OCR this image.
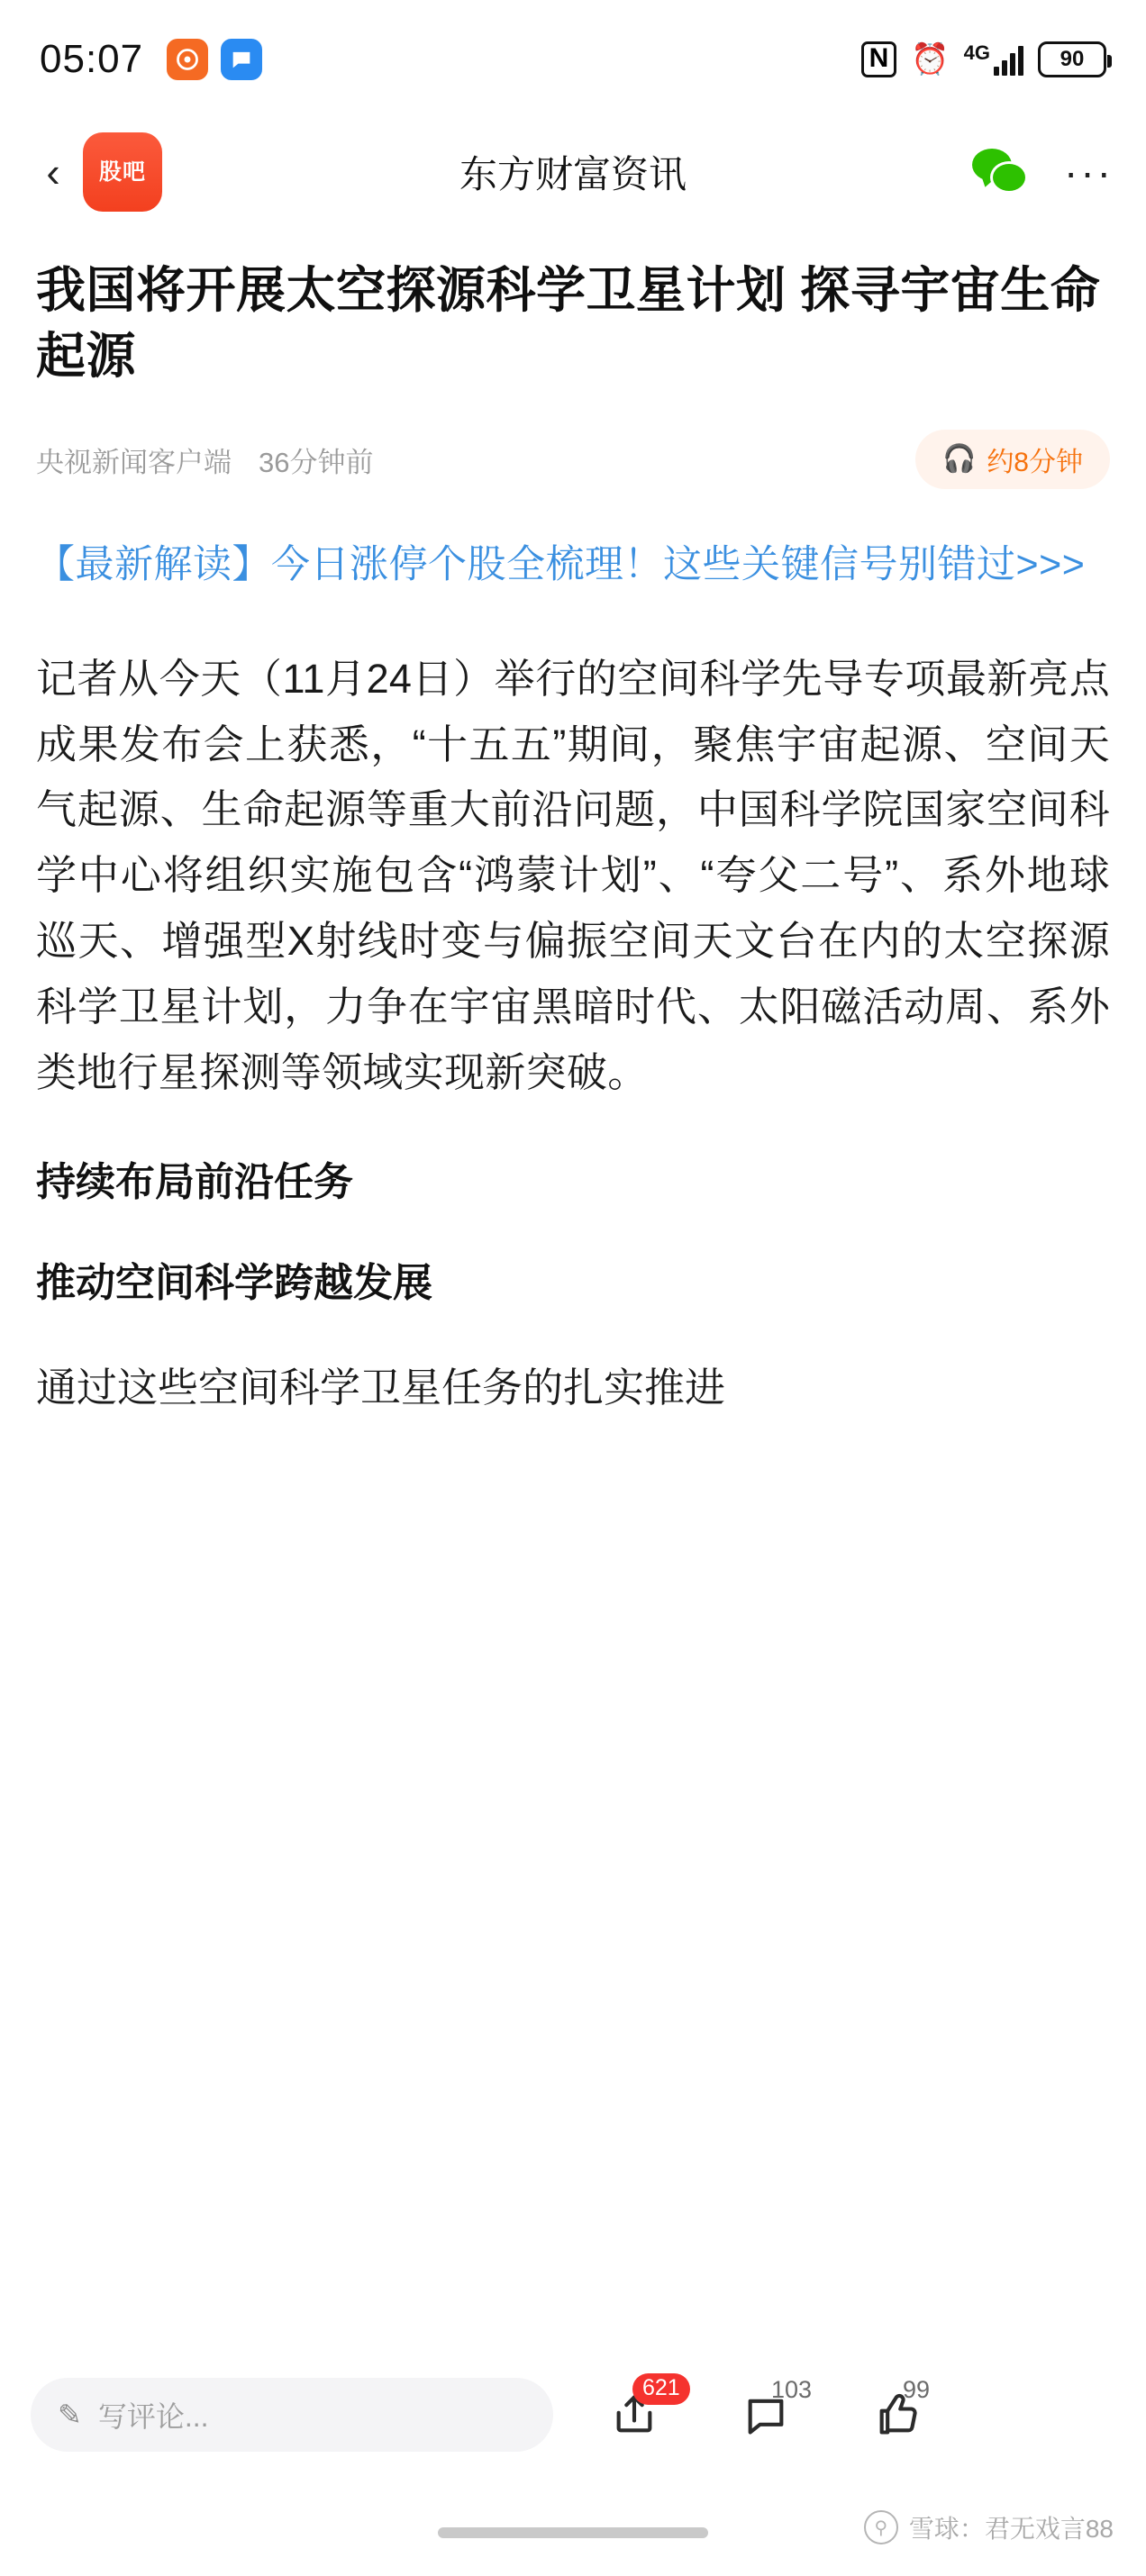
05:07	N ⏰ 4G	90
‹	股吧	东方财富资讯	···
我国将开展太空探源科学卫星计划 探寻宇宙生命起源
央视新闻客户端 36分钟前	🎧 约8分钟
【最新解读】今日涨停个股全梳理！这些关键信号别错过>>>

记者从今天（11月24日）举行的空间科学先导专项最新亮点成果发布会上获悉，“十五五”期间，聚焦宇宙起源、空间天气起源、生命起源等重大前沿问题，中国科学院国家空间科学中心将组织实施包含“鸿蒙计划”、“夸父二号”、系外地球巡天、增强型X射线时变与偏振空间天文台在内的太空探源科学卫星计划，力争在宇宙黑暗时代、太阳磁活动周、系外类地行星探测等领域实现新突破。

持续布局前沿任务
推动空间科学跨越发展
通过这些空间科学卫星任务的扎实推进
✎ 写评论...
621	103	99
⚲ 雪球：君无戏言88
